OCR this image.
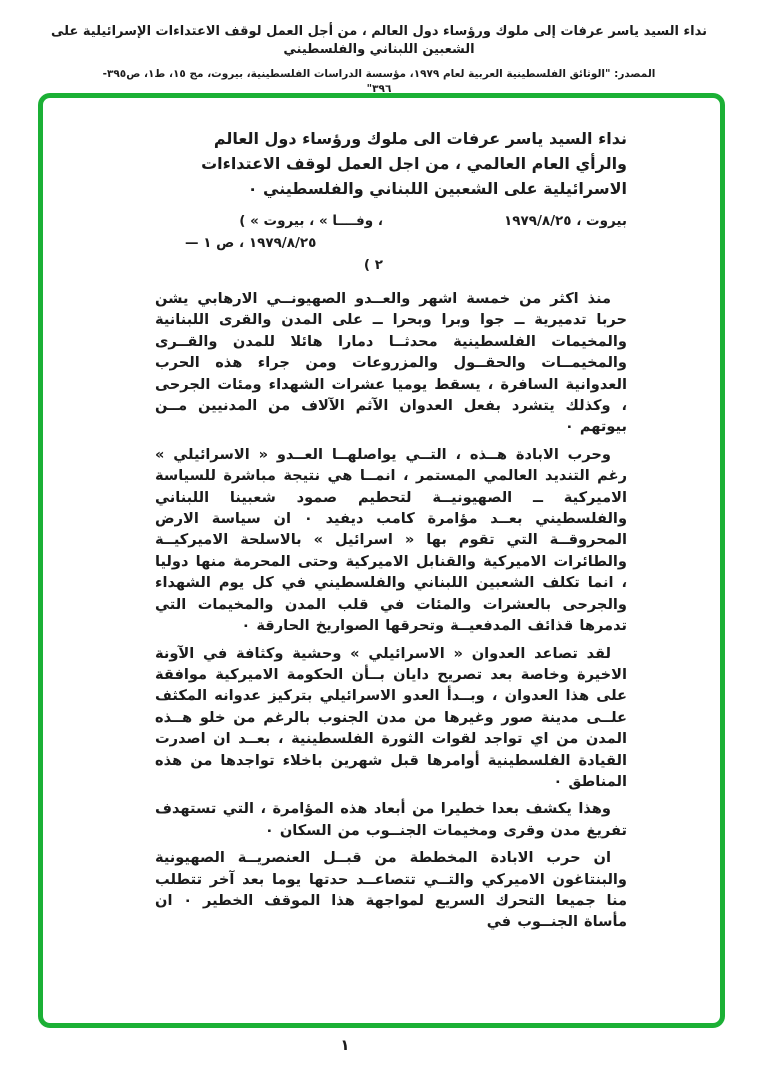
نداء السيد ياسر عرفات إلى ملوك ورؤساء دول العالم ، من أجل العمل لوقف الاعتداءات الإسرائيلية على الشعبين اللبناني والفلسطيني
المصدر: "الوثائق الفلسطينية العربية لعام ١٩٧٩، مؤسسة الدراسات الفلسطينية، بيروت، مج ١٥، ط١، ص٣٩٥- ٣٩٦"
نداء السيد ياسر عرفات الى ملوك ورؤساء دول العالم
والرأي العام العالمي ، من اجل العمل لوقف الاعتداءات
الاسرائيلية على الشعبين اللبناني والفلسطيني ٠
( « وفــــا » ، بيروت ،
١٩٧٩/٨/٢٥ ، ص ١ —
٢ )
بيروت ، ١٩٧٩/٨/٢٥

منذ اكثر من خمسة اشهر والعــدو الصهيونــي الارهابي يشن حربا تدميرية ــ جوا وبرا وبحرا ــ على المدن والقرى اللبنانية والمخيمات الفلسطينية محدثــا دمارا هائلا للمدن والقــرى والمخيمــات والحقــول والمزروعات ومن جراء هذه الحرب العدوانية السافرة ، يسقط يوميا عشرات الشهداء ومئات الجرحى ، وكذلك يتشرد بفعل العدوان الآثم الآلاف من المدنيين مــن بيوتهم ٠

وحرب الابادة هــذه ، التــي يواصلهــا العــدو « الاسرائيلي » رغم التنديد العالمي المستمر ، انمــا هي نتيجة مباشرة للسياسة الاميركية ــ الصهيونيــة لتحطيم صمود شعبينا اللبناني والفلسطيني بعــد مؤامرة كامب ديفيد ٠ ان سياسة الارض المحروقــة التي تقوم بها « اسرائيل » بالاسلحة الاميركيــة والطائرات الاميركية والقنابل الاميركية وحتى المحرمة منها دوليا ، انما تكلف الشعبين اللبناني والفلسطيني في كل يوم الشهداء والجرحى بالعشرات والمئات في قلب المدن والمخيمات التي تدمرها قذائف المدفعيــة وتحرقها الصواريخ الحارقة ٠

لقد تصاعد العدوان « الاسرائيلي » وحشية وكثافة في الآونة الاخيرة وخاصة بعد تصريح دايان بــأن الحكومة الاميركية موافقة على هذا العدوان ، وبــدأ العدو الاسرائيلي بتركيز عدوانه المكثف علــى مدينة صور وغيرها من مدن الجنوب بالرغم من خلو هــذه المدن من اي تواجد لقوات الثورة الفلسطينية ، بعــد ان اصدرت القيادة الفلسطينية أوامرها قبل شهرين باخلاء تواجدها من هذه المناطق ٠

وهذا يكشف بعدا خطيرا من أبعاد هذه المؤامرة ، التي تستهدف تفريغ مدن وقرى ومخيمات الجنــوب من السكان ٠

ان حرب الابادة المخططة من قبــل العنصريــة الصهيونية والبنتاغون الاميركي والتــي تتصاعــد حدتها يوما بعد آخر تتطلب منا جميعا التحرك السريع لمواجهة هذا الموقف الخطير ٠ ان مأساة الجنــوب في

١
